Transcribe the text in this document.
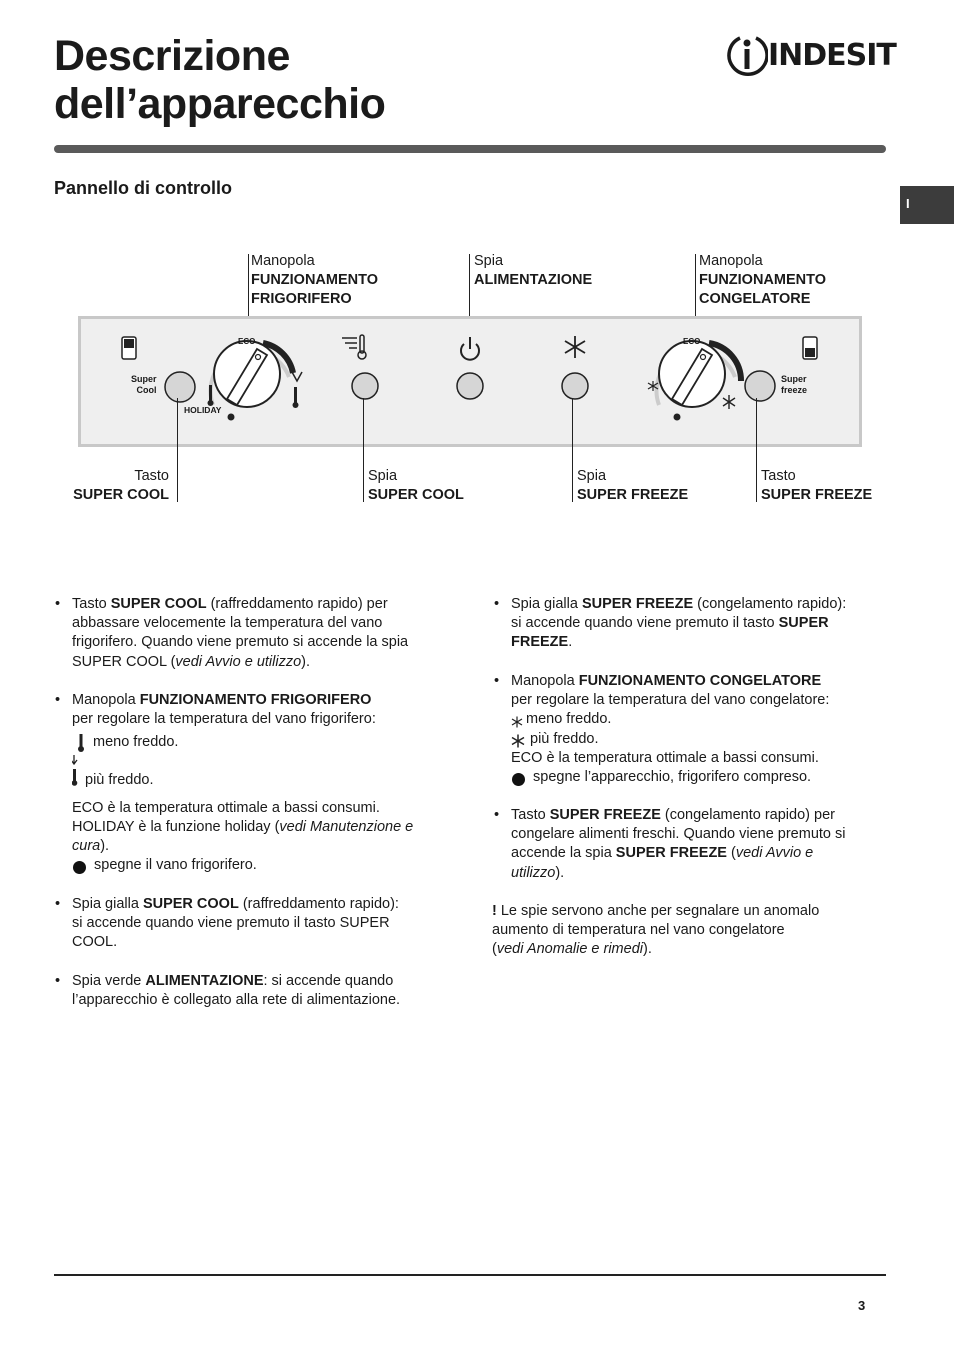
Descrizione
dell’apparecchio
INDESIT
I
Pannello di controllo
Manopola
FUNZIONAMENTO
FRIGORIFERO
Spia
ALIMENTAZIONE
Manopola
FUNZIONAMENTO
CONGELATORE
Super
Cool
ECO
HOLIDAY
ECO
Super
freeze
Tasto
SUPER COOL
Spia
SUPER COOL
Spia
SUPER FREEZE
Tasto
SUPER FREEZE
• Tasto SUPER COOL (raffreddamento rapido) per

abbassare velocemente la temperatura del vano

frigorifero. Quando viene premuto si accende la spia

SUPER COOL (vedi Avvio e utilizzo).

• Manopola FUNZIONAMENTO FRIGORIFERO

per regolare la temperatura del vano frigorifero:

meno freddo.

più freddo.

ECO è la temperatura ottimale a bassi consumi.

HOLIDAY è la funzione holiday (vedi Manutenzione e

cura).

spegne il vano frigorifero.

• Spia gialla SUPER COOL (raffreddamento rapido):

si accende quando viene premuto il tasto SUPER

COOL.

• Spia verde ALIMENTAZIONE: si accende quando

l’apparecchio è collegato alla rete di alimentazione.

• Spia gialla SUPER FREEZE (congelamento rapido):

si accende quando viene premuto il tasto SUPER

FREEZE.

• Manopola FUNZIONAMENTO CONGELATORE

per regolare la temperatura del vano congelatore:

meno freddo.

più freddo.

ECO è la temperatura ottimale a bassi consumi.

spegne l’apparecchio, frigorifero compreso.

• Tasto SUPER FREEZE (congelamento rapido) per

congelare alimenti freschi. Quando viene premuto si

accende la spia SUPER FREEZE (vedi Avvio e

utilizzo).

! Le spie servono anche per segnalare un anomalo

aumento di temperatura nel vano congelatore

(vedi Anomalie e rimedi).

3
